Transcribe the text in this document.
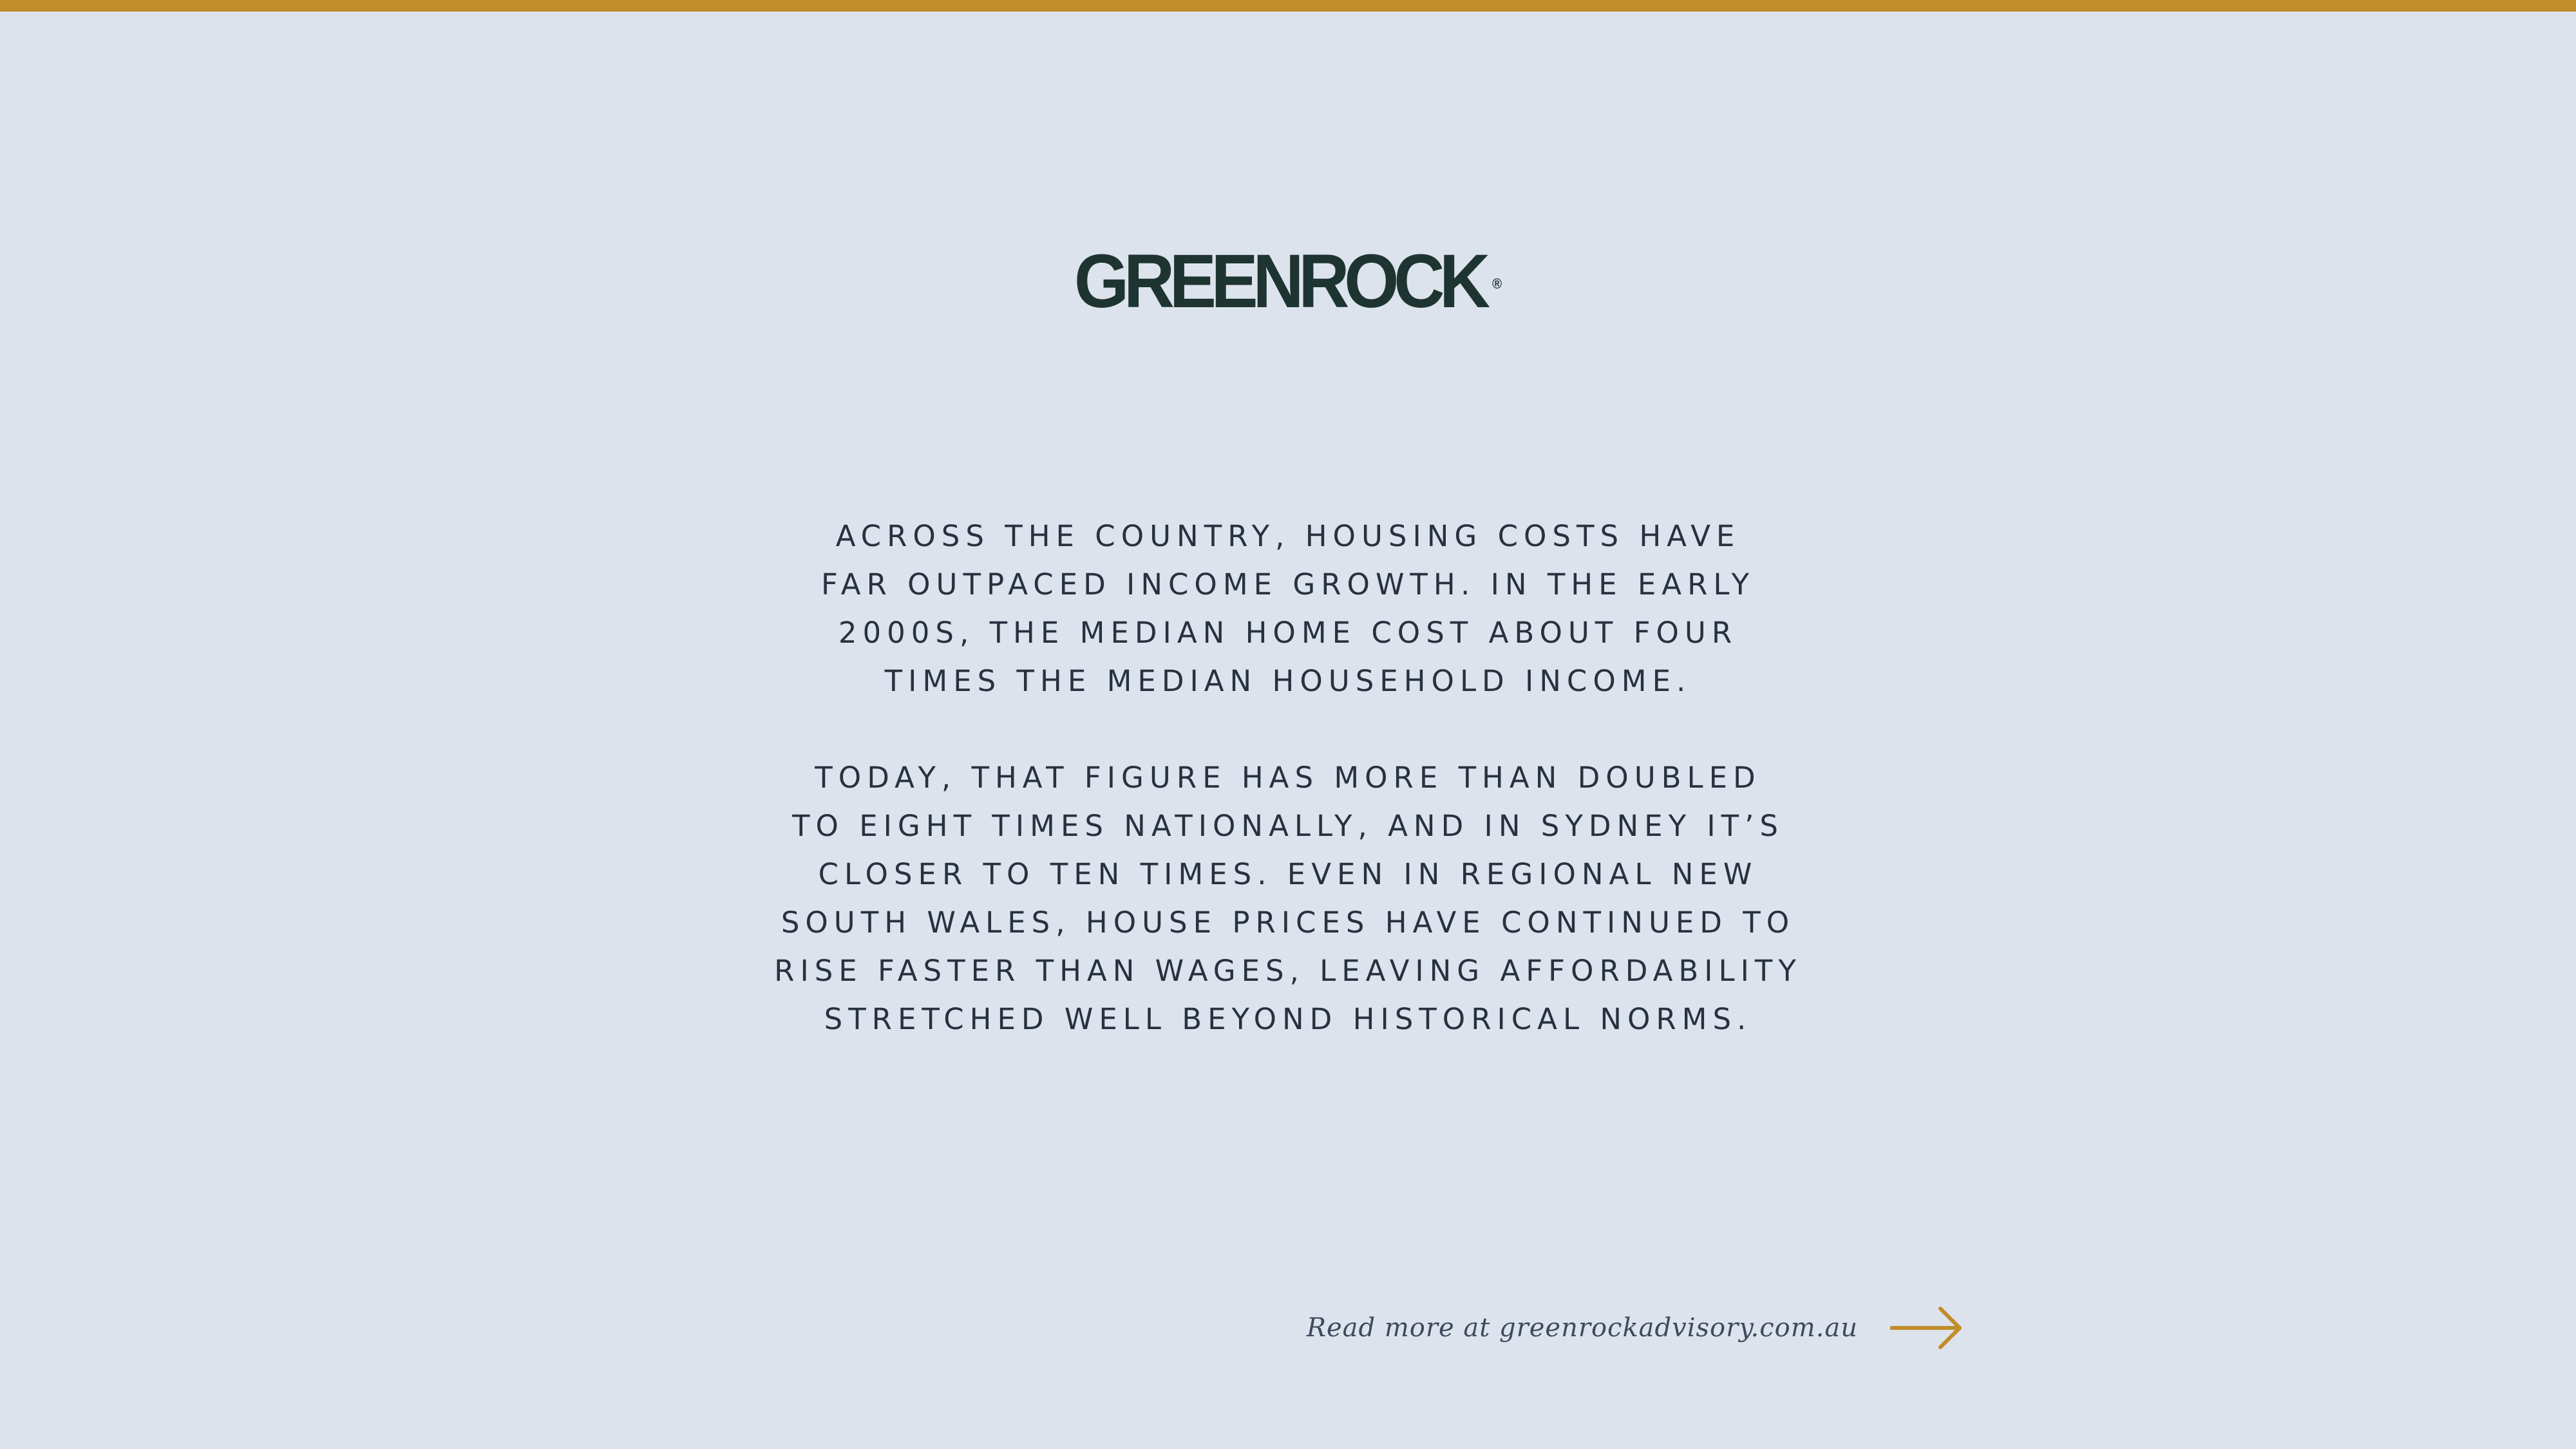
GREENROCK ®

ACROSS THE COUNTRY, HOUSING COSTS HAVE
FAR OUTPACED INCOME GROWTH. IN THE EARLY
2000S, THE MEDIAN HOME COST ABOUT FOUR
TIMES THE MEDIAN HOUSEHOLD INCOME.

TODAY, THAT FIGURE HAS MORE THAN DOUBLED
TO EIGHT TIMES NATIONALLY, AND IN SYDNEY IT’S
CLOSER TO TEN TIMES. EVEN IN REGIONAL NEW
SOUTH WALES, HOUSE PRICES HAVE CONTINUED TO
RISE FASTER THAN WAGES, LEAVING AFFORDABILITY
STRETCHED WELL BEYOND HISTORICAL NORMS.

Read more at greenrockadvisory.com.au
